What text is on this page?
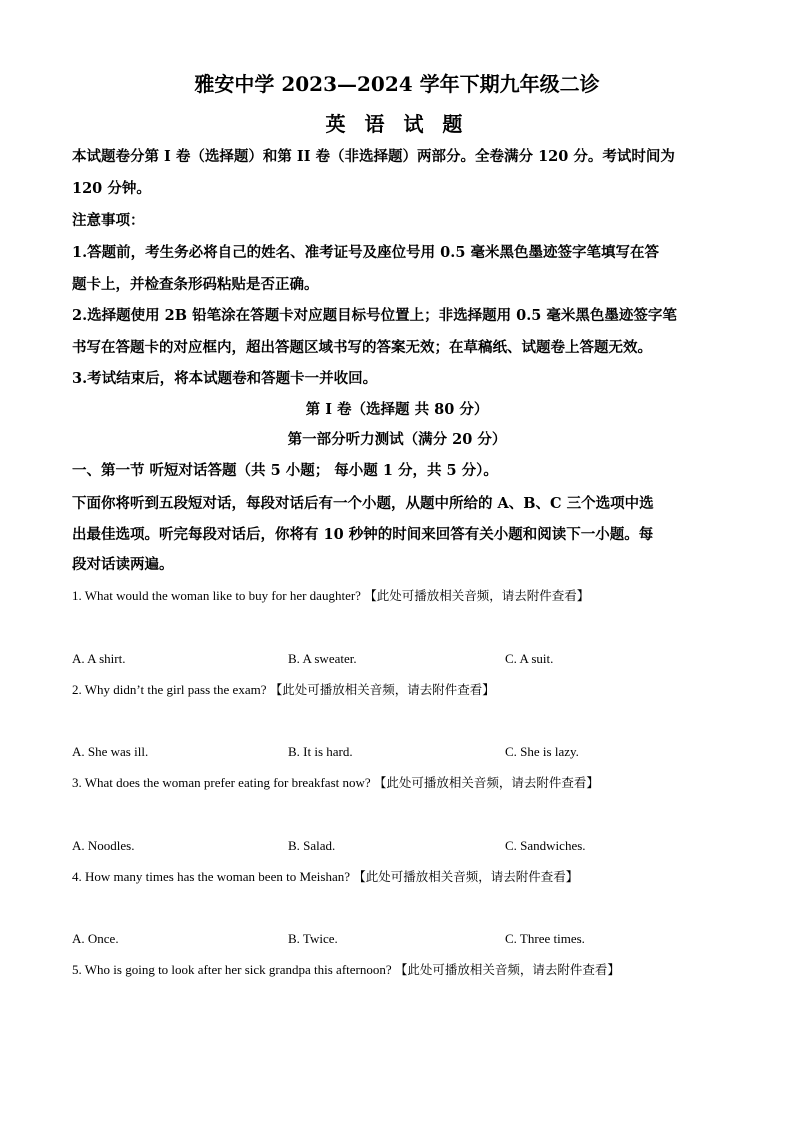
雅安中学 2023—2024 学年下期九年级二诊
英 语 试 题
本试题卷分第 I 卷（选择题）和第 II 卷（非选择题）两部分。全卷满分 120 分。考试时间为
120 分钟。
注意事项：
1.答题前，考生务必将自己的姓名、准考证号及座位号用 0.5 毫米黑色墨迹签字笔填写在答
题卡上，并检查条形码粘贴是否正确。
2.选择题使用 2B 铅笔涂在答题卡对应题目标号位置上；非选择题用 0.5 毫米黑色墨迹签字笔
书写在答题卡的对应框内，超出答题区域书写的答案无效；在草稿纸、试题卷上答题无效。
3.考试结束后，将本试题卷和答题卡一并收回。
第 I 卷（选择题 共 80 分）
第一部分听力测试（满分 20 分）
一、第一节 听短对话答题（共 5 小题； 每小题 1 分，共 5 分）。
下面你将听到五段短对话，每段对话后有一个小题，从题中所给的 A、B、C 三个选项中选
出最佳选项。听完每段对话后，你将有 10 秒钟的时间来回答有关小题和阅读下一小题。每
段对话读两遍。
1. What would the woman like to buy for her daughter? 【此处可播放相关音频，请去附件查看】
A. A shirt.	B. A sweater.	C. A suit.
2. Why didn’t the girl pass the exam? 【此处可播放相关音频，请去附件查看】
A. She was ill.	B. It is hard.	C. She is lazy.
3. What does the woman prefer eating for breakfast now? 【此处可播放相关音频，请去附件查看】
A. Noodles.	B. Salad.	C. Sandwiches.
4. How many times has the woman been to Meishan? 【此处可播放相关音频，请去附件查看】
A. Once.	B. Twice.	C. Three times.
5. Who is going to look after her sick grandpa this afternoon? 【此处可播放相关音频，请去附件查看】
